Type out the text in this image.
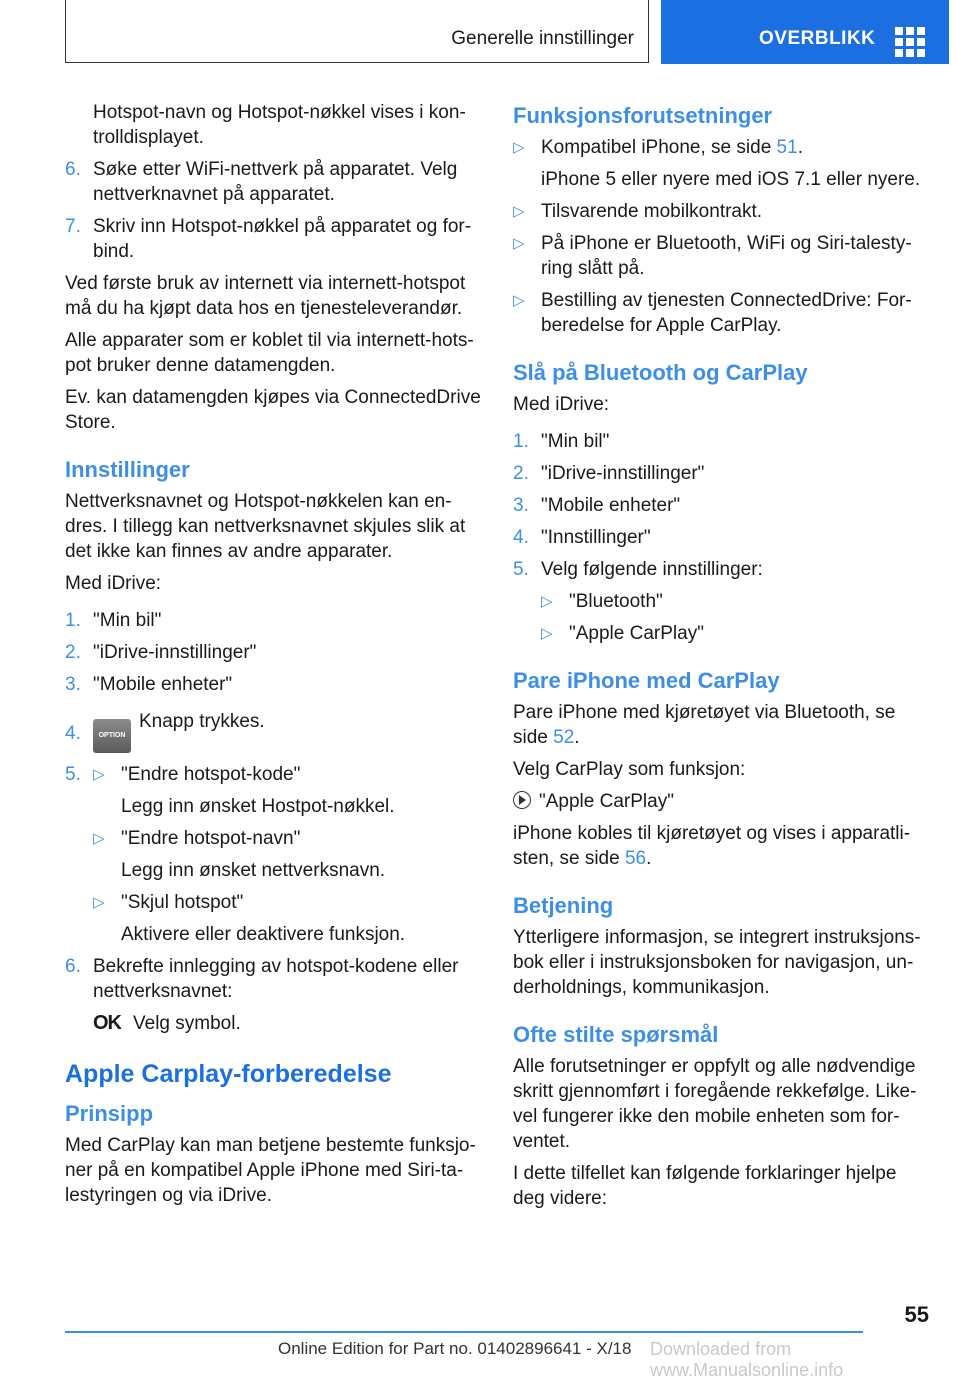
Generelle innstillinger	OVERBLIKK

Hotspot-navn og Hotspot-nøkkel vises i kon-trolldisplayet.

6. Søke etter WiFi-nettverk på apparatet. Velg nettverknavnet på apparatet.
7. Skriv inn Hotspot-nøkkel på apparatet og for-bind.

Ved første bruk av internett via internett-hotspot må du ha kjøpt data hos en tjenesteleverandør.

Alle apparater som er koblet til via internett-hots-pot bruker denne datamengden.

Ev. kan datamengden kjøpes via ConnectedDrive Store.

Innstillinger

Nettverksnavnet og Hotspot-nøkkelen kan en-dres. I tillegg kan nettverksnavnet skjules slik at det ikke kan finnes av andre apparater.

Med iDrive:

1. "Min bil"
2. "iDrive-innstillinger"
3. "Mobile enheter"
4.	OPTIONKnapp trykkes.
5. ▷ "Endre hotspot-kode"

Legg inn ønsket Hostpot-nøkkel.

▷ "Endre hotspot-navn"

Legg inn ønsket nettverksnavn.

▷ "Skjul hotspot"

Aktivere eller deaktivere funksjon.

6. Bekrefte innlegging av hotspot-kodene eller nettverksnavnet:

OK Velg symbol.

Apple Carplay-forberedelse
Prinsipp

Med CarPlay kan man betjene bestemte funksjo-ner på en kompatibel Apple iPhone med Siri-ta-lestyringen og via iDrive.

Funksjonsforutsetninger
▷ Kompatibel iPhone, se side 51.

iPhone 5 eller nyere med iOS 7.1 eller nyere.

▷ Tilsvarende mobilkontrakt.
▷ På iPhone er Bluetooth, WiFi og Siri-talesty-ring slått på.
▷ Bestilling av tjenesten ConnectedDrive: For-beredelse for Apple CarPlay.
Slå på Bluetooth og CarPlay

Med iDrive:

1. "Min bil"
2. "iDrive-innstillinger"
3. "Mobile enheter"
4. "Innstillinger"
5. Velg følgende innstillinger:
▷ "Bluetooth"
▷ "Apple CarPlay"
Pare iPhone med CarPlay

Pare iPhone med kjøretøyet via Bluetooth, se side 52.

Velg CarPlay som funksjon:

"Apple CarPlay"

iPhone kobles til kjøretøyet og vises i apparatli-sten, se side 56.

Betjening

Ytterligere informasjon, se integrert instruksjons-bok eller i instruksjonsboken for navigasjon, un-derholdnings, kommunikasjon.

Ofte stilte spørsmål

Alle forutsetninger er oppfylt og alle nødvendige skritt gjennomført i foregående rekkefølge. Like-vel fungerer ikke den mobile enheten som for-ventet.

I dette tilfellet kan følgende forklaringer hjelpe deg videre:

55
Online Edition for Part no. 01402896641 - X/18 Downloaded from www.Manualsonline.info
